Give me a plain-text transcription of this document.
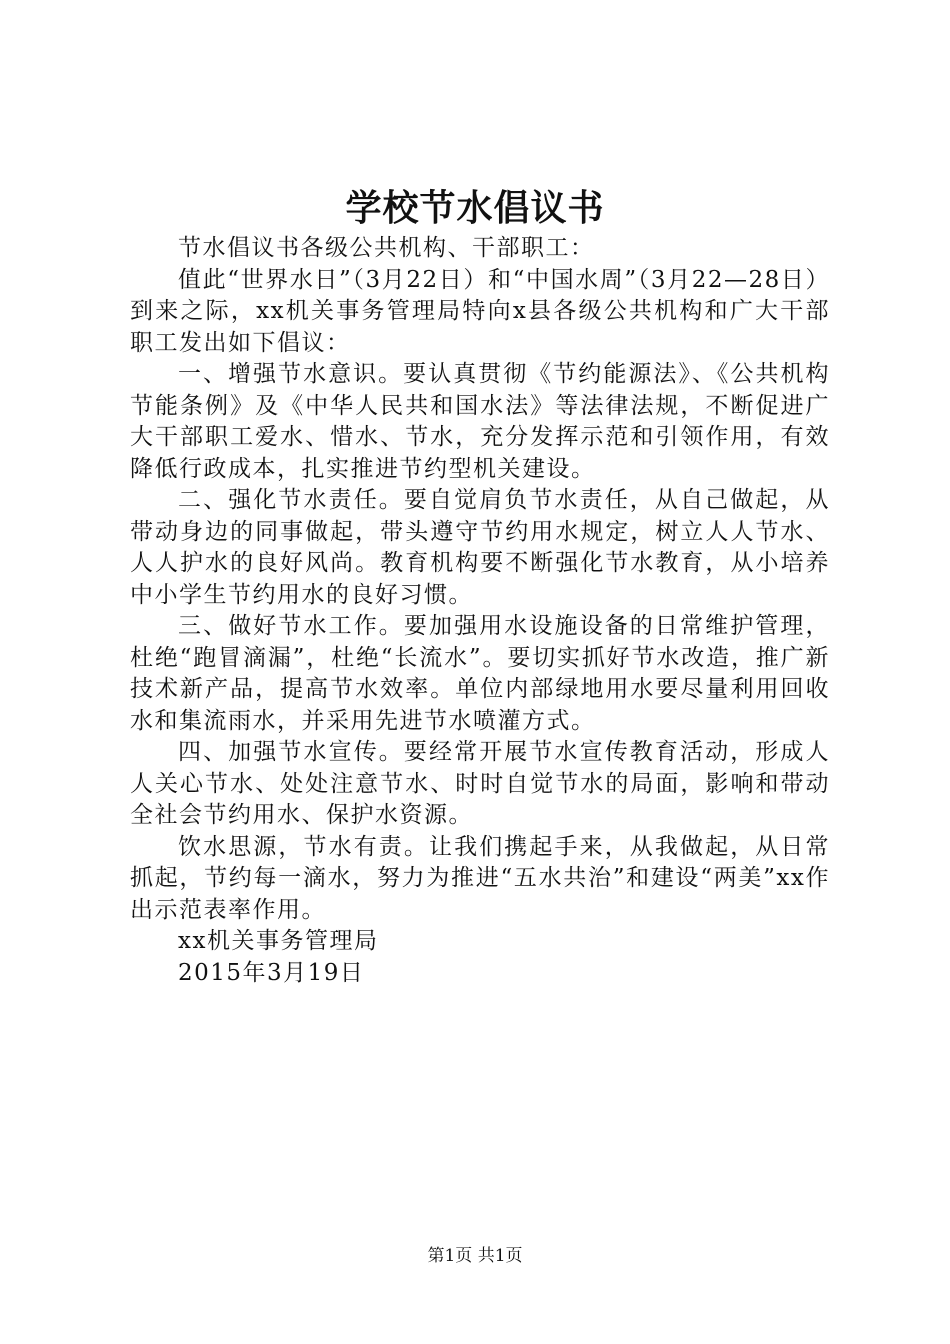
学校节水倡议书

节水倡议书各级公共机构、干部职工：

值此“世界水日”（3月22日）和“中国水周”（3月22—28日）到来之际，xx机关事务管理局特向x县各级公共机构和广大干部职工发出如下倡议：

一、增强节水意识。要认真贯彻《节约能源法》、《公共机构节能条例》及《中华人民共和国水法》等法律法规，不断促进广大干部职工爱水、惜水、节水，充分发挥示范和引领作用，有效降低行政成本，扎实推进节约型机关建设。

二、强化节水责任。要自觉肩负节水责任，从自己做起，从带动身边的同事做起，带头遵守节约用水规定，树立人人节水、人人护水的良好风尚。教育机构要不断强化节水教育，从小培养中小学生节约用水的良好习惯。

三、做好节水工作。要加强用水设施设备的日常维护管理，杜绝“跑冒滴漏”，杜绝“长流水”。要切实抓好节水改造，推广新技术新产品，提高节水效率。单位内部绿地用水要尽量利用回收水和集流雨水，并采用先进节水喷灌方式。

四、加强节水宣传。要经常开展节水宣传教育活动，形成人人关心节水、处处注意节水、时时自觉节水的局面，影响和带动全社会节约用水、保护水资源。

饮水思源，节水有责。让我们携起手来，从我做起，从日常抓起，节约每一滴水，努力为推进“五水共治”和建设“两美”xx作出示范表率作用。

xx机关事务管理局

2015年3月19日

第1页 共1页
